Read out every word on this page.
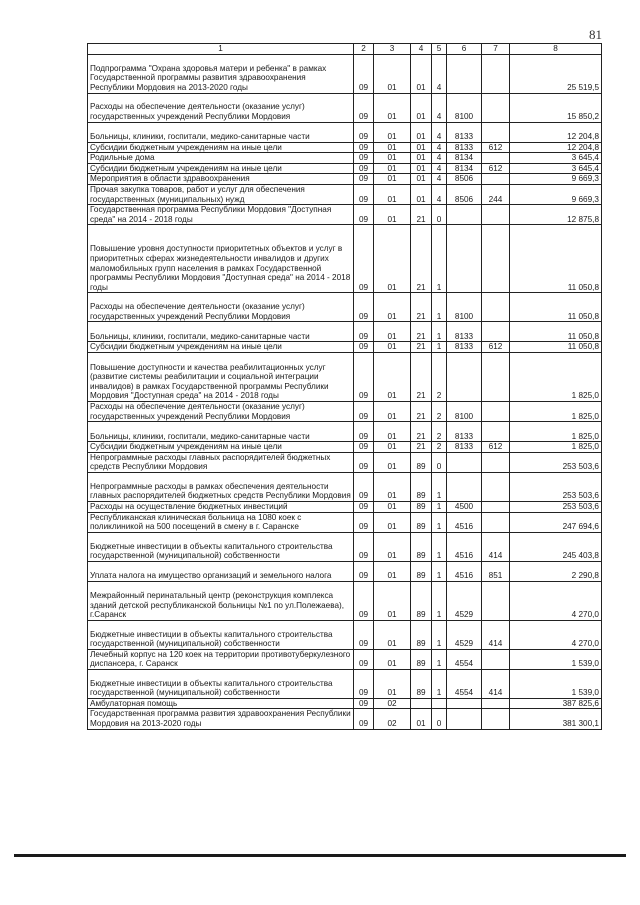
81
1	2	3	4	5	6	7	8
Подпрограмма "Охрана здоровья матери и ребенка" в рамках Государственной программы развития здравоохранения Республики Мордовия на 2013-2020 годы	09	01	01	4			25 519,5
Расходы на обеспечение деятельности (оказание услуг) государственных учреждений Республики Мордовия	09	01	01	4	8100		15 850,2
Больницы, клиники, госпитали, медико-санитарные части	09	01	01	4	8133		12 204,8
Субсидии бюджетным учреждениям на иные цели	09	01	01	4	8133	612	12 204,8
Родильные дома	09	01	01	4	8134		3 645,4
Субсидии бюджетным учреждениям на иные цели	09	01	01	4	8134	612	3 645,4
Мероприятия в области здравоохранения	09	01	01	4	8506		9 669,3
Прочая закупка товаров, работ и услуг для обеспечения государственных (муниципальных) нужд	09	01	01	4	8506	244	9 669,3
Государственная программа Республики Мордовия "Доступная среда" на 2014 - 2018 годы	09	01	21	0			12 875,8
Повышение уровня доступности приоритетных объектов и услуг в приоритетных сферах жизнедеятельности инвалидов и других маломобильных групп населения в рамках Государственной программы Республики Мордовия "Доступная среда" на 2014 - 2018 годы	09	01	21	1			11 050,8
Расходы на обеспечение деятельности (оказание услуг) государственных учреждений Республики Мордовия	09	01	21	1	8100		11 050,8
Больницы, клиники, госпитали, медико-санитарные части	09	01	21	1	8133		11 050,8
Субсидии бюджетным учреждениям на иные цели	09	01	21	1	8133	612	11 050,8
Повышение доступности и качества реабилитационных услуг (развитие системы реабилитации и социальной интеграции инвалидов) в рамках Государственной программы Республики Мордовия "Доступная среда" на 2014 - 2018 годы	09	01	21	2			1 825,0
Расходы на обеспечение деятельности (оказание услуг) государственных учреждений Республики Мордовия	09	01	21	2	8100		1 825,0
Больницы, клиники, госпитали, медико-санитарные части	09	01	21	2	8133		1 825,0
Субсидии бюджетным учреждениям на иные цели	09	01	21	2	8133	612	1 825,0
Непрограммные расходы главных распорядителей бюджетных средств Республики Мордовия	09	01	89	0			253 503,6
Непрограммные расходы в рамках обеспечения деятельности главных распорядителей бюджетных средств Республики Мордовия	09	01	89	1			253 503,6
Расходы на осуществление бюджетных инвестиций	09	01	89	1	4500		253 503,6
Республиканская клиническая больница на 1080 коек с поликлиникой на 500 посещений в смену в г. Саранске	09	01	89	1	4516		247 694,6
Бюджетные инвестиции в объекты капитального строительства государственной (муниципальной) собственности	09	01	89	1	4516	414	245 403,8
Уплата налога на имущество организаций и земельного налога	09	01	89	1	4516	851	2 290,8
Межрайонный перинатальный центр (реконструкция комплекса зданий детской республиканской больницы №1 по ул.Полежаева), г.Саранск	09	01	89	1	4529		4 270,0
Бюджетные инвестиции в объекты капитального строительства государственной (муниципальной) собственности	09	01	89	1	4529	414	4 270,0
Лечебный корпус на 120 коек на территории противотуберкулезного диспансера, г. Саранск	09	01	89	1	4554		1 539,0
Бюджетные инвестиции в объекты капитального строительства государственной (муниципальной) собственности	09	01	89	1	4554	414	1 539,0
Амбулаторная помощь	09	02					387 825,6
Государственная программа развития здравоохранения Республики Мордовия на 2013-2020 годы	09	02	01	0			381 300,1
